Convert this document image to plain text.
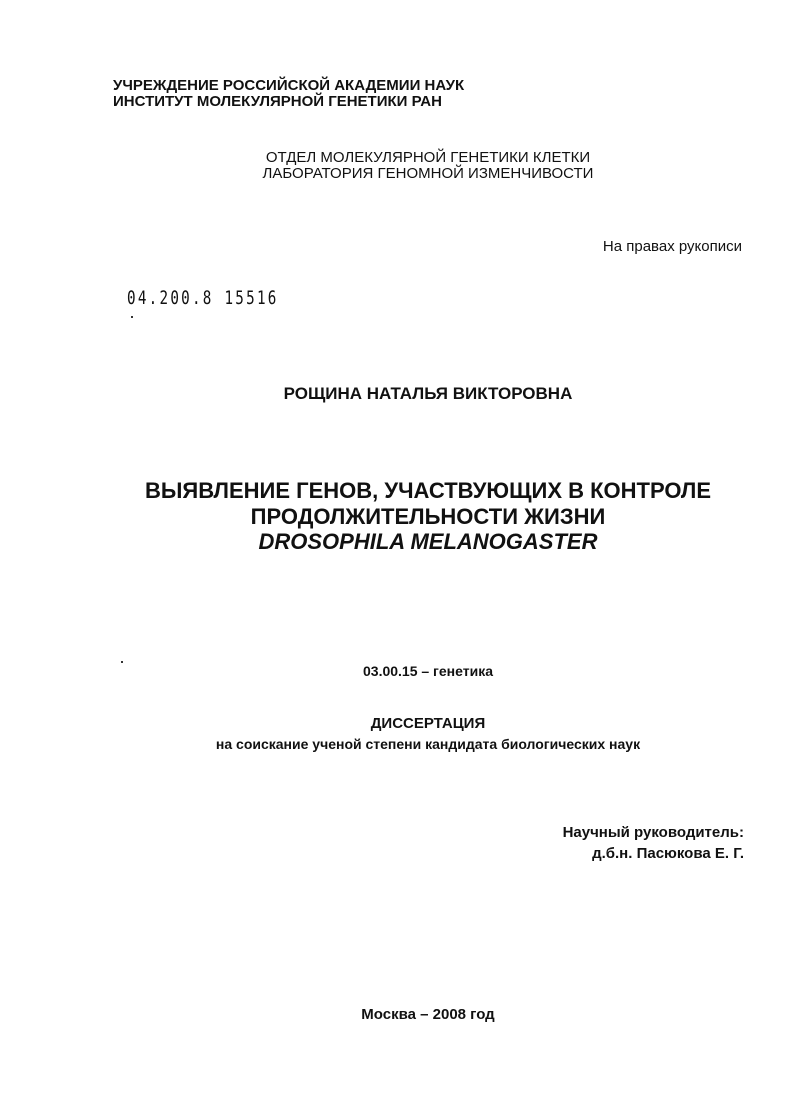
УЧРЕЖДЕНИЕ РОССИЙСКОЙ АКАДЕМИИ НАУК
ИНСТИТУТ МОЛЕКУЛЯРНОЙ ГЕНЕТИКИ РАН
ОТДЕЛ МОЛЕКУЛЯРНОЙ ГЕНЕТИКИ КЛЕТКИ
ЛАБОРАТОРИЯ ГЕНОМНОЙ ИЗМЕНЧИВОСТИ
На правах рукописи
04.200.8 15516
РОЩИНА НАТАЛЬЯ ВИКТОРОВНА
ВЫЯВЛЕНИЕ ГЕНОВ, УЧАСТВУЮЩИХ В КОНТРОЛЕ
ПРОДОЛЖИТЕЛЬНОСТИ ЖИЗНИ
DROSOPHILA MELANOGASTER
03.00.15 – генетика
ДИССЕРТАЦИЯ
на соискание ученой степени кандидата биологических наук
Научный руководитель:
д.б.н. Пасюкова Е. Г.
Москва – 2008 год
